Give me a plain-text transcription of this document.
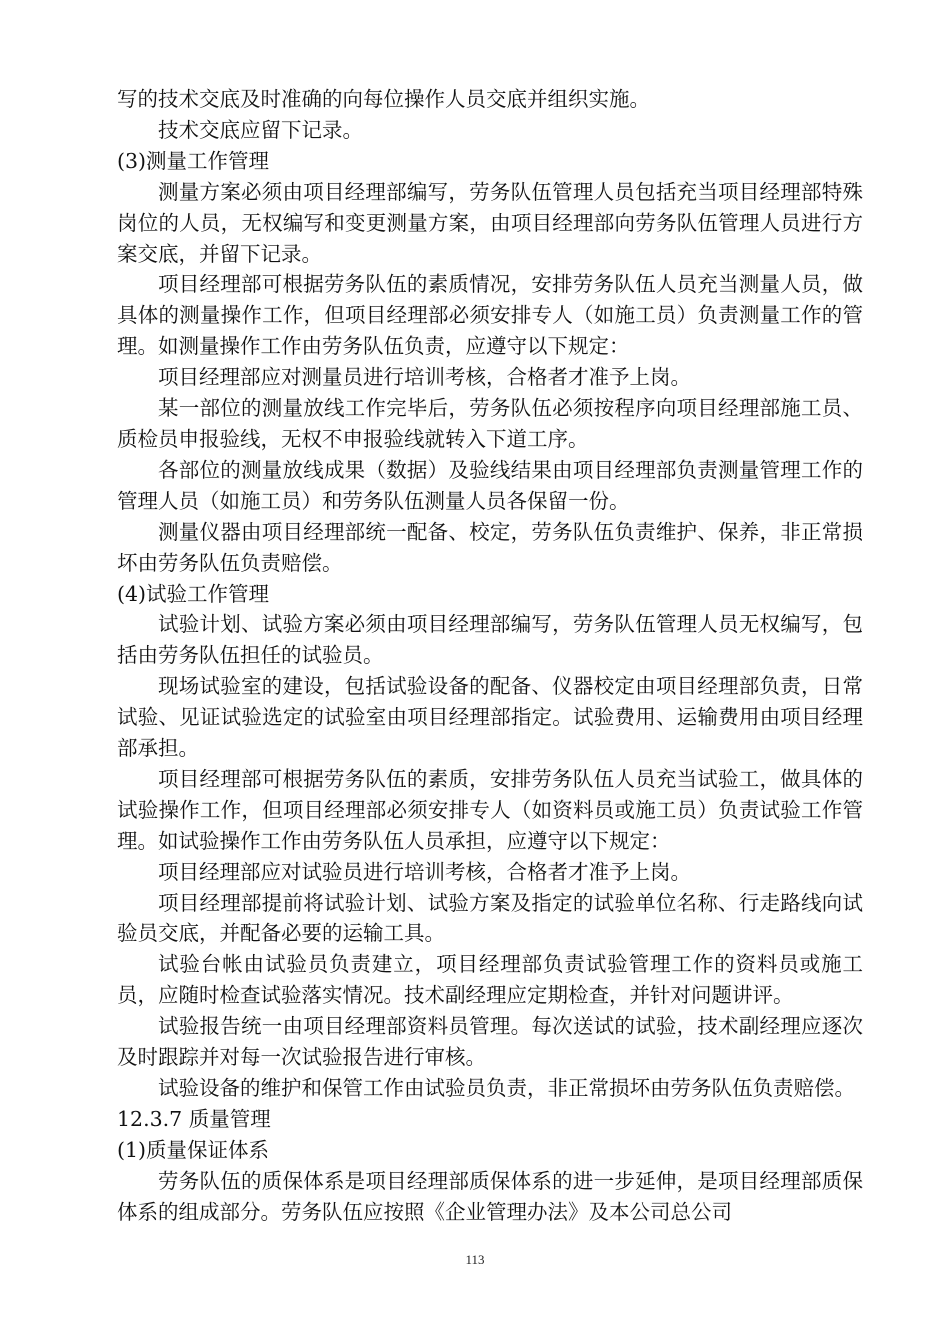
写的技术交底及时准确的向每位操作人员交底并组织实施。

技术交底应留下记录。

(3)测量工作管理

测量方案必须由项目经理部编写，劳务队伍管理人员包括充当项目经理部特殊岗位的人员，无权编写和变更测量方案，由项目经理部向劳务队伍管理人员进行方案交底，并留下记录。

项目经理部可根据劳务队伍的素质情况，安排劳务队伍人员充当测量人员，做具体的测量操作工作，但项目经理部必须安排专人（如施工员）负责测量工作的管理。如测量操作工作由劳务队伍负责，应遵守以下规定：

项目经理部应对测量员进行培训考核，合格者才准予上岗。

某一部位的测量放线工作完毕后，劳务队伍必须按程序向项目经理部施工员、质检员申报验线，无权不申报验线就转入下道工序。

各部位的测量放线成果（数据）及验线结果由项目经理部负责测量管理工作的管理人员（如施工员）和劳务队伍测量人员各保留一份。

测量仪器由项目经理部统一配备、校定，劳务队伍负责维护、保养，非正常损坏由劳务队伍负责赔偿。

(4)试验工作管理

试验计划、试验方案必须由项目经理部编写，劳务队伍管理人员无权编写，包括由劳务队伍担任的试验员。

现场试验室的建设，包括试验设备的配备、仪器校定由项目经理部负责，日常试验、见证试验选定的试验室由项目经理部指定。试验费用、运输费用由项目经理部承担。

项目经理部可根据劳务队伍的素质，安排劳务队伍人员充当试验工，做具体的试验操作工作，但项目经理部必须安排专人（如资料员或施工员）负责试验工作管理。如试验操作工作由劳务队伍人员承担，应遵守以下规定：

项目经理部应对试验员进行培训考核，合格者才准予上岗。

项目经理部提前将试验计划、试验方案及指定的试验单位名称、行走路线向试验员交底，并配备必要的运输工具。

试验台帐由试验员负责建立，项目经理部负责试验管理工作的资料员或施工员，应随时检查试验落实情况。技术副经理应定期检查，并针对问题讲评。

试验报告统一由项目经理部资料员管理。每次送试的试验，技术副经理应逐次及时跟踪并对每一次试验报告进行审核。

试验设备的维护和保管工作由试验员负责，非正常损坏由劳务队伍负责赔偿。

12.3.7 质量管理

(1)质量保证体系

劳务队伍的质保体系是项目经理部质保体系的进一步延伸，是项目经理部质保体系的组成部分。劳务队伍应按照《企业管理办法》及本公司总公司

113
